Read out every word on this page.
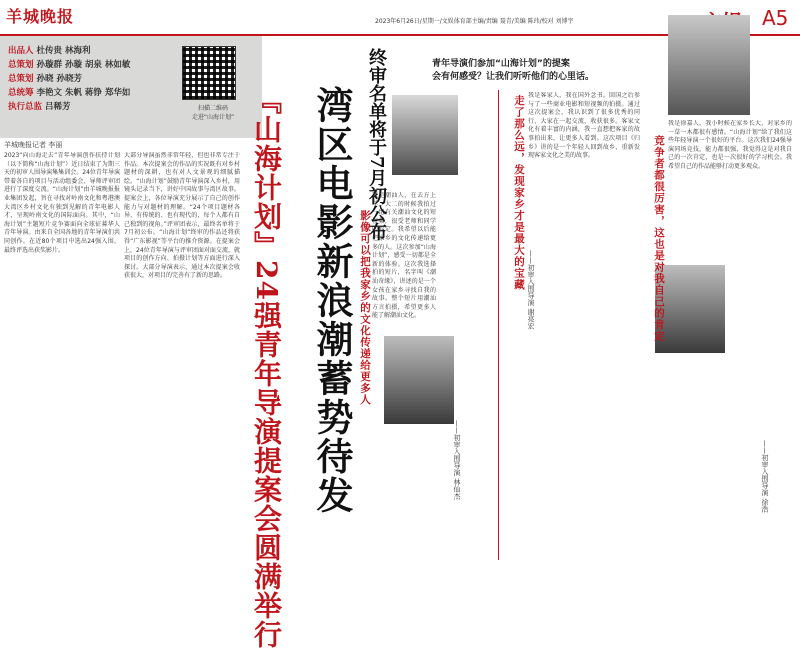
羊城晚报	2023年6月26日/星期一/文娱体育部主编/责编 聂青/美编 陈玮/校对 刘博宇	A5
出品人 杜传贵 林海利
总策划 孙璇群 孙璇 胡泉 林如敏
总策划 孙晓 孙晓芳
总统筹 李艳文 朱帆 蒋铮 郑华如
执行总监 吕稀芳	扫描二维码
走进“山海计划”
羊城晚报记者 李丽
2023“向山海走去”青年导演创作扶持计划（以下简称“山海计划”）近日结束了为期三天的初审人围导演集集训会。24位青年导演带着各自的项目与活动组委会、导师评审团进行了深度交流。“山海计划”由羊城晚报报业集团发起，旨在寻找对岭南文化和粤港澳大湾区乡村文化有独到见解的青年电影人才，呈现岭南文化的国际面向。其中，“山海计划”主题短片竞争赛面向全球征募华人青年导演。由来自全国各地的青年导演们共同创作。在近80个项目中选出24强入围，最终评选出获奖影片。
大部分导演虽然非常年轻，但也非常专注于作品。本次提案会的作品的实况既有对乡村题材的深耕，也有对人文景观的细腻描绘。“山海计划”鼓励青年导演深入乡村，用镜头记录当下，讲好中国故事与湾区故事。提案会上，各位导演充分展示了自己的创作能力与对题材的理解。“24个项目题材各异，有传统的、也有现代的，每个人都有自己独到的视角。”评审团表示，最终名单将于7月初公布。“山海计划”终审的作品还将获得“广东影视”等平台的推介资源。在提案会上，24位青年导演与评审团面对面交流，就项目的创作方向、拍摄计划等方面进行深入探讨。大部分导演表示，通过本次提案会收获很大，对项目的完善有了新的思路。	湾区电影新浪潮蓄势待发
『山海计划』24强青年导演提案会圆满举行	终审名单将于7月初公布	青年导演们参加“山海计划”的提案
会有何感受？让我们听听他们的心里话。
影像可以把我家乡的文化传递给更多人
我是潮汕人，在去方上学。大二的时候我拍过一组有关潮汕文化的短视频，很受老师和同学的肯定。我希望以后能把家乡的文化传递给更多的人。这次参加“山海计划”，感受一切都是全新的体验。这次我选择拍的短片，名字叫《潮汕奇缘》，讲述的是一个女孩在家乡寻找自我的故事。整个短片用潮汕方言拍摄，希望更多人能了解潮汕文化。
——初审入围导演 林仙杰
走了那么远，发现家乡才是最大的宝藏 我是客家人，我在国外念书。回国之后参与了一些商业电影和短视频的拍摄。通过这次提案会，我认识到了很多优秀的同行，大家在一起交流，收获很多。客家文化有着丰富的内涵，我一直想把客家的故事拍出来，让更多人看到。这次项目《归乡》讲的是一个年轻人回到故乡，重新发现客家文化之美的故事。
——初审入围导演 谢亮宏	竞争者都很厉害，这也是对我自己的肯定
我是徐嘉人，我小时候在家乡长大，对家乡的一草一木都很有感情。“山海计划”给了我们这些年轻导演一个很好的平台。这次我们24强导演同场竞技，能力都很强，我觉得这是对我自己的一次肯定，也是一次很好的学习机会。我希望自己的作品能够打动更多观众。
——初审入围导演 徐浩
